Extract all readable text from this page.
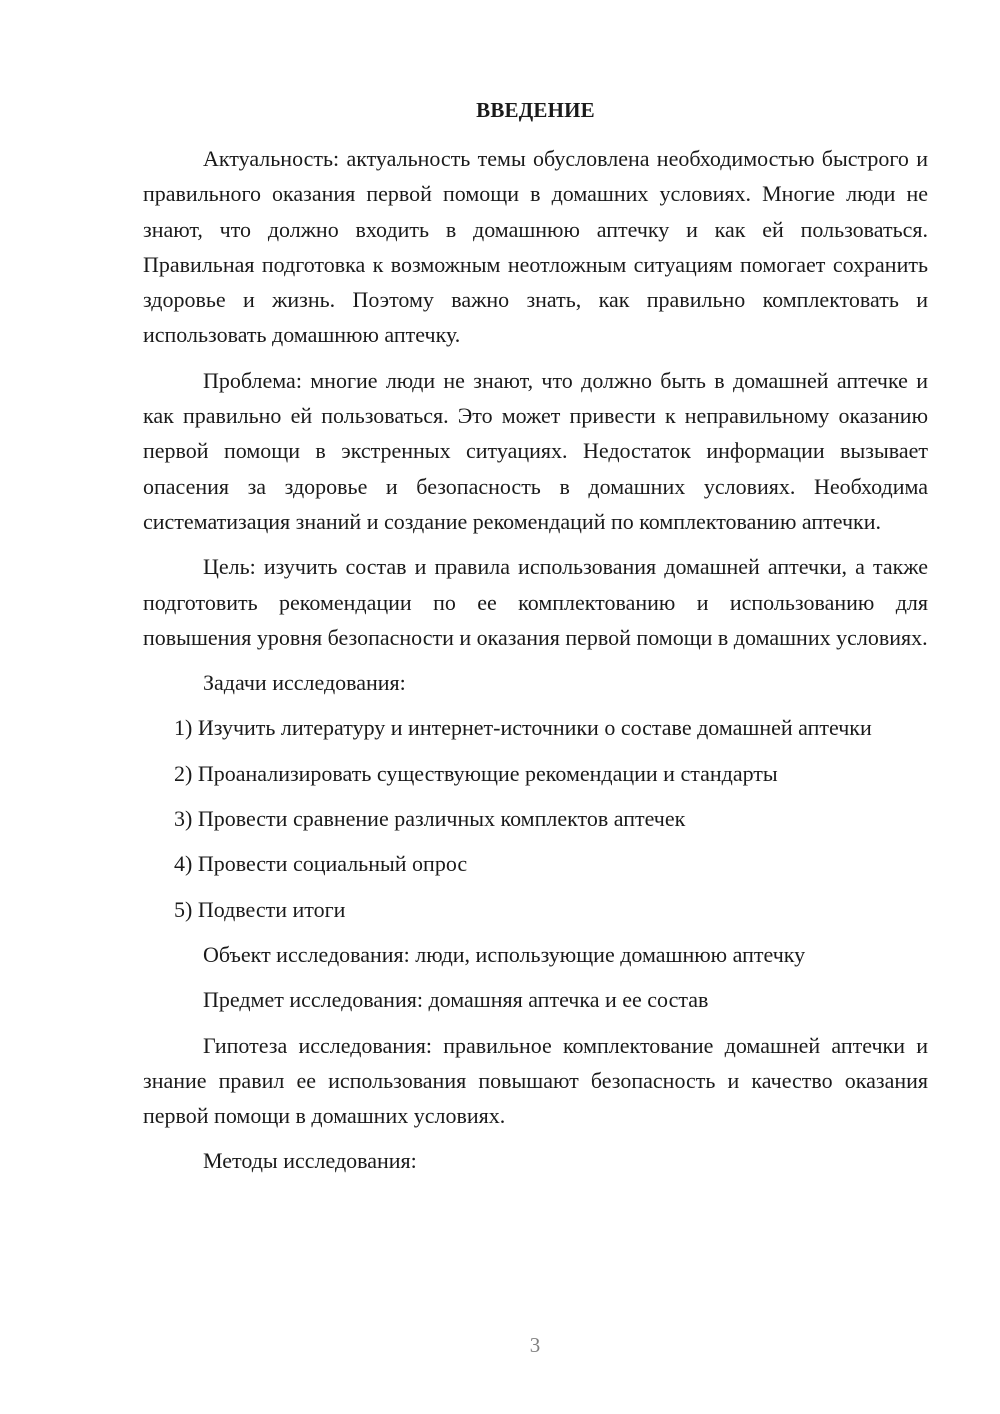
ВВЕДЕНИЕ

Актуальность: актуальность темы обусловлена необходимостью быстрого и правильного оказания первой помощи в домашних условиях. Многие люди не знают, что должно входить в домашнюю аптечку и как ей пользоваться. Правильная подготовка к возможным неотложным ситуациям помогает сохранить здоровье и жизнь. Поэтому важно знать, как правильно комплектовать и использовать домашнюю аптечку.

Проблема: многие люди не знают, что должно быть в домашней аптечке и как правильно ей пользоваться. Это может привести к неправильному оказанию первой помощи в экстренных ситуациях. Недостаток информации вызывает опасения за здоровье и безопасность в домашних условиях. Необходима систематизация знаний и создание рекомендаций по комплектованию аптечки.

Цель: изучить состав и правила использования домашней аптечки, а также подготовить рекомендации по ее комплектованию и использованию для повышения уровня безопасности и оказания первой помощи в домашних условиях.

Задачи исследования:

1) Изучить литературу и интернет-источники о составе домашней аптечки

2) Проанализировать существующие рекомендации и стандарты

3) Провести сравнение различных комплектов аптечек

4) Провести социальный опрос

5) Подвести итоги

Объект исследования: люди, использующие домашнюю аптечку

Предмет исследования: домашняя аптечка и ее состав

Гипотеза исследования: правильное комплектование домашней аптечки и знание правил ее использования повышают безопасность и качество оказания первой помощи в домашних условиях.

Методы исследования:

3
